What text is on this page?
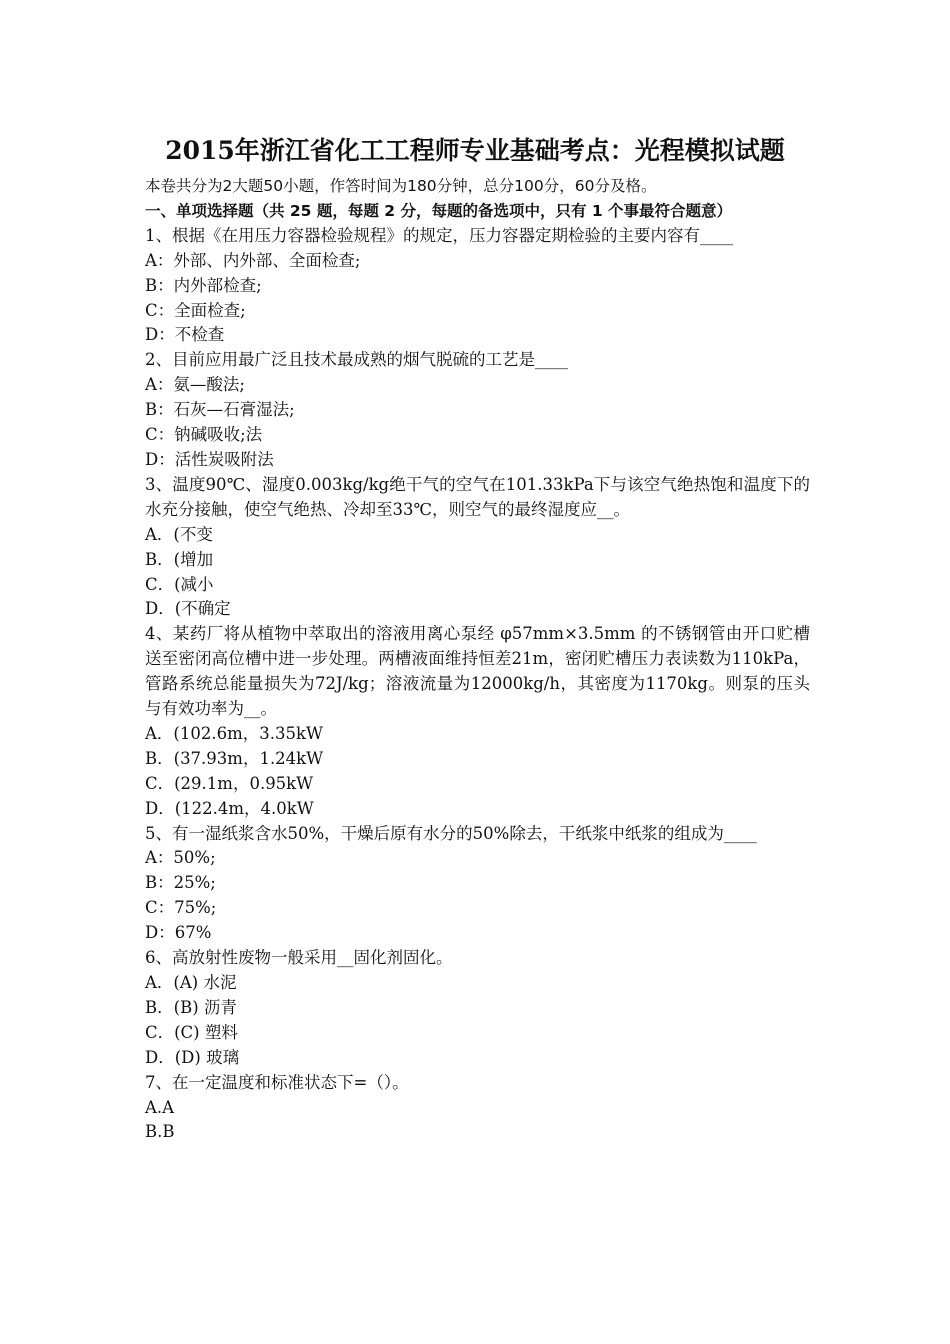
2015年浙江省化工工程师专业基础考点：光程模拟试题

本卷共分为2大题50小题，作答时间为180分钟，总分100分，60分及格。

一、单项选择题（共 25 题，每题 2 分，每题的备选项中，只有 1 个事最符合题意）

1、根据《在用压力容器检验规程》的规定，压力容器定期检验的主要内容有____

A：外部、内外部、全面检查;

B：内外部检查;

C：全面检查;

D：不检查

2、目前应用最广泛且技术最成熟的烟气脱硫的工艺是____

A：氨—酸法;

B：石灰—石膏湿法;

C：钠碱吸收;法

D：活性炭吸附法

3、温度90℃、湿度0.003kg/kg绝干气的空气在101.33kPa下与该空气绝热饱和温度下的水充分接触，使空气绝热、冷却至33℃，则空气的最终湿度应__。

A．(不变

B．(增加

C．(减小

D．(不确定

4、某药厂将从植物中萃取出的溶液用离心泵经 φ57mm×3.5mm 的不锈钢管由开口贮槽送至密闭高位槽中进一步处理。两槽液面维持恒差21m，密闭贮槽压力表读数为110kPa，管路系统总能量损失为72J/kg；溶液流量为12000kg/h，其密度为1170kg。则泵的压头与有效功率为__。

A．(102.6m，3.35kW

B．(37.93m，1.24kW

C．(29.1m，0.95kW

D．(122.4m，4.0kW

5、有一湿纸浆含水50%，干燥后原有水分的50%除去，干纸浆中纸浆的组成为____

A：50%;

B：25%;

C：75%;

D：67%

6、高放射性废物一般采用__固化剂固化。

A．(A) 水泥

B．(B) 沥青

C．(C) 塑料

D．(D) 玻璃

7、在一定温度和标准状态下=（）。

A.A

B.B
